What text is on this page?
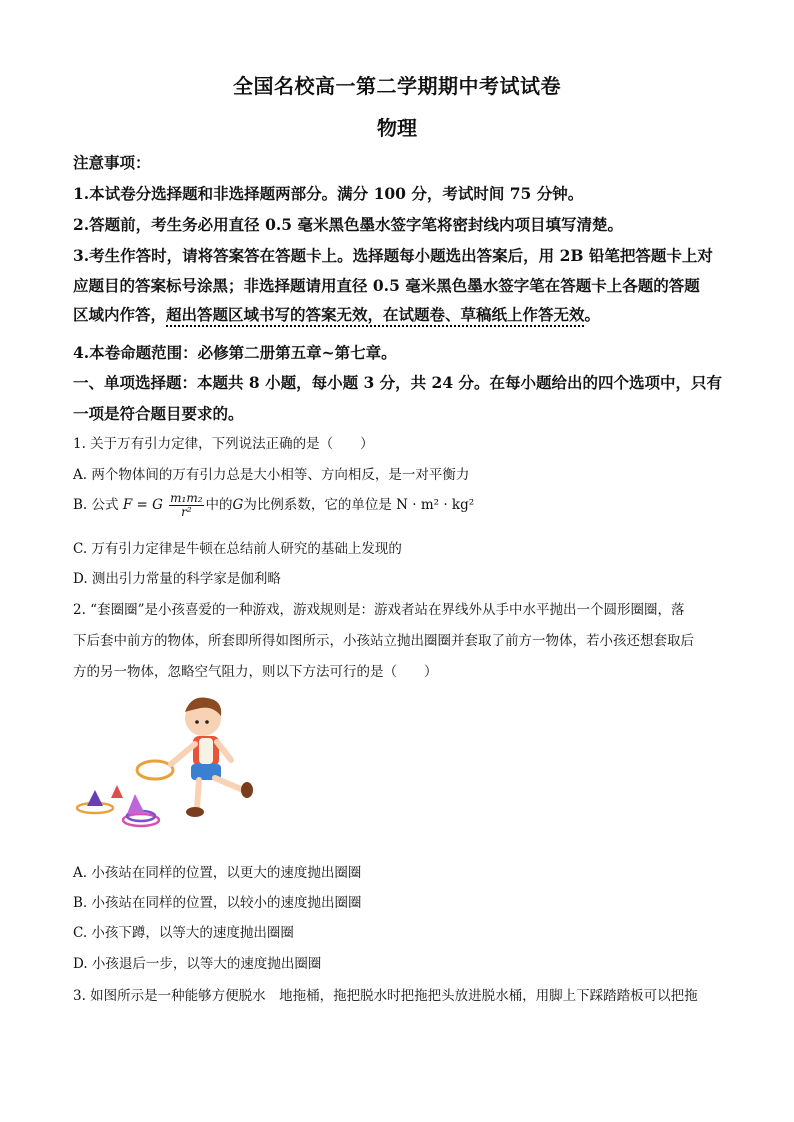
全国名校高一第二学期期中考试试卷
物理
注意事项：
1.本试卷分选择题和非选择题两部分。满分 100 分，考试时间 75 分钟。
2.答题前，考生务必用直径 0.5 毫米黑色墨水签字笔将密封线内项目填写清楚。
3.考生作答时，请将答案答在答题卡上。选择题每小题选出答案后，用 2B 铅笔把答题卡上对
应题目的答案标号涂黑；非选择题请用直径 0.5 毫米黑色墨水签字笔在答题卡上各题的答题
区域内作答，超出答题区域书写的答案无效，在试题卷、草稿纸上作答无效。
4.本卷命题范围：必修第二册第五章~第七章。
一、单项选择题：本题共 8 小题，每小题 3 分，共 24 分。在每小题给出的四个选项中，只有
一项是符合题目要求的。
1. 关于万有引力定律，下列说法正确的是（　　）
A. 两个物体间的万有引力总是大小相等、方向相反，是一对平衡力
B. 公式 F = G $\frac{\text{m₁m₂}}{\text{r²}}$ 中的G为比例系数，它的单位是 N · m² · kg²
C. 万有引力定律是牛顿在总结前人研究的基础上发现的
D. 测出引力常量的科学家是伽利略
2. “套圈圈”是小孩喜爱的一种游戏，游戏规则是：游戏者站在界线外从手中水平抛出一个圆形圈圈，落
下后套中前方的物体，所套即所得如图所示，小孩站立抛出圈圈并套取了前方一物体，若小孩还想套取后
方的另一物体，忽略空气阻力，则以下方法可行的是（　　）
A. 小孩站在同样的位置，以更大的速度抛出圈圈
B. 小孩站在同样的位置，以较小的速度抛出圈圈
C. 小孩下蹲，以等大的速度抛出圈圈
D. 小孩退后一步，以等大的速度抛出圈圈
3. 如图所示是一种能够方便脱水　地拖桶，拖把脱水时把拖把头放进脱水桶，用脚上下踩踏踏板可以把拖
